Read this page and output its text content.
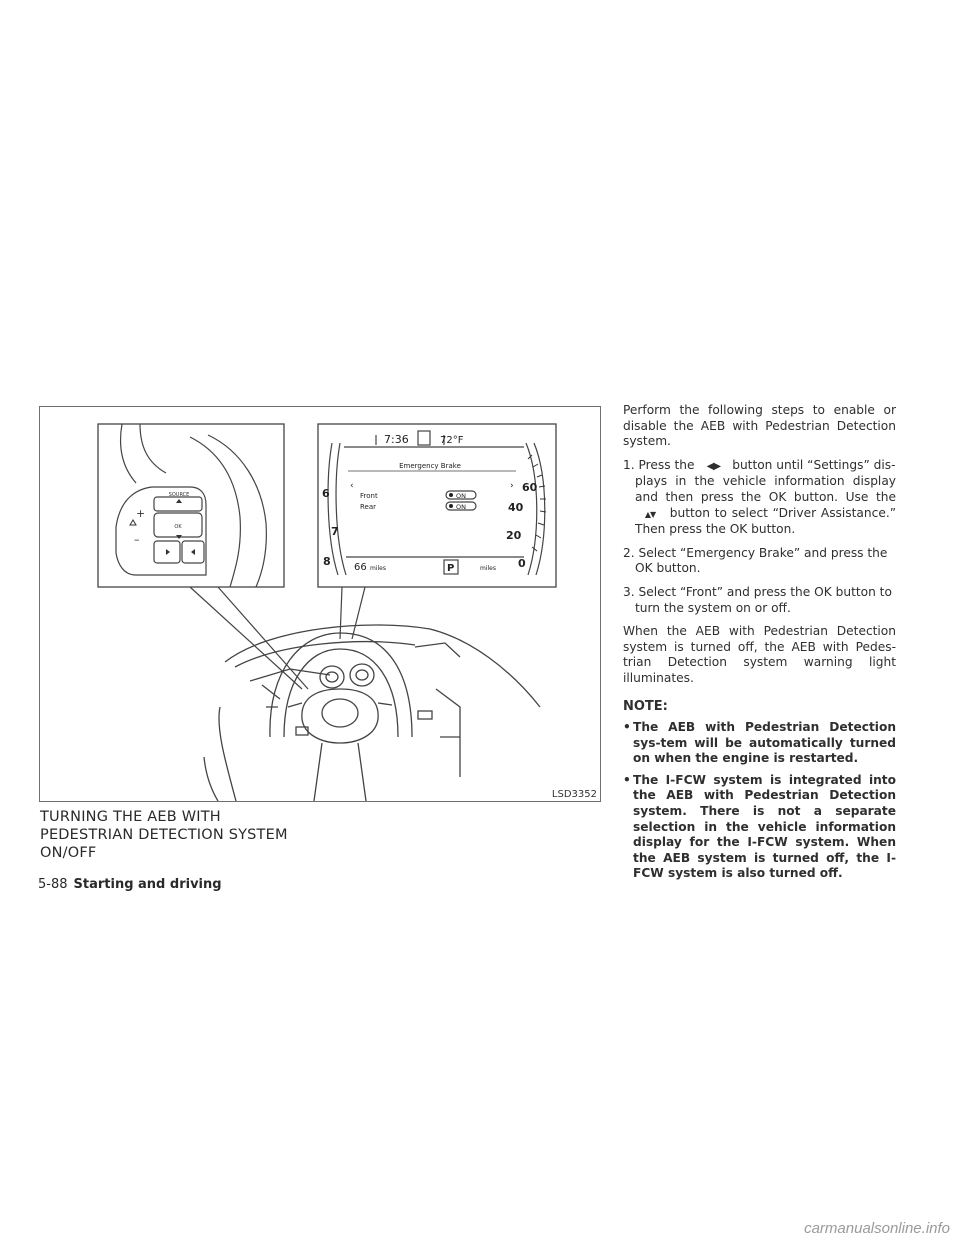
SOURCE
OK
+
–
7:36	72°F
Emergency Brake
Front
Rear
ON
ON
‹	›
66 miles	P	miles
6
7
8
60
40
20
0
LSD3352
TURNING THE AEB WITH
PEDESTRIAN DETECTION SYSTEM
ON/OFF

Perform the following steps to enable or disable the AEB with Pedestrian Detection system.

1. Press the ◀▶ button until “Settings” dis-
plays in the vehicle information display and then press the OK button. Use the ▲▼ button to select “Driver Assistance.” Then press the OK button.
2. Select “Emergency Brake” and press the
OK button.
3. Select “Front” and press the OK button to
turn the system on or off.

When the AEB with Pedestrian Detection system is turned off, the AEB with Pedes-trian Detection system warning light illuminates.

NOTE:
• The AEB with Pedestrian Detection sys-tem will be automatically turned on when the engine is restarted.
• The I-FCW system is integrated into the AEB with Pedestrian Detection system. There is not a separate selection in the vehicle information display for the I-FCW system. When the AEB system is turned off, the I-FCW system is also turned off.
5-88 Starting and driving
carmanualsonline.info
